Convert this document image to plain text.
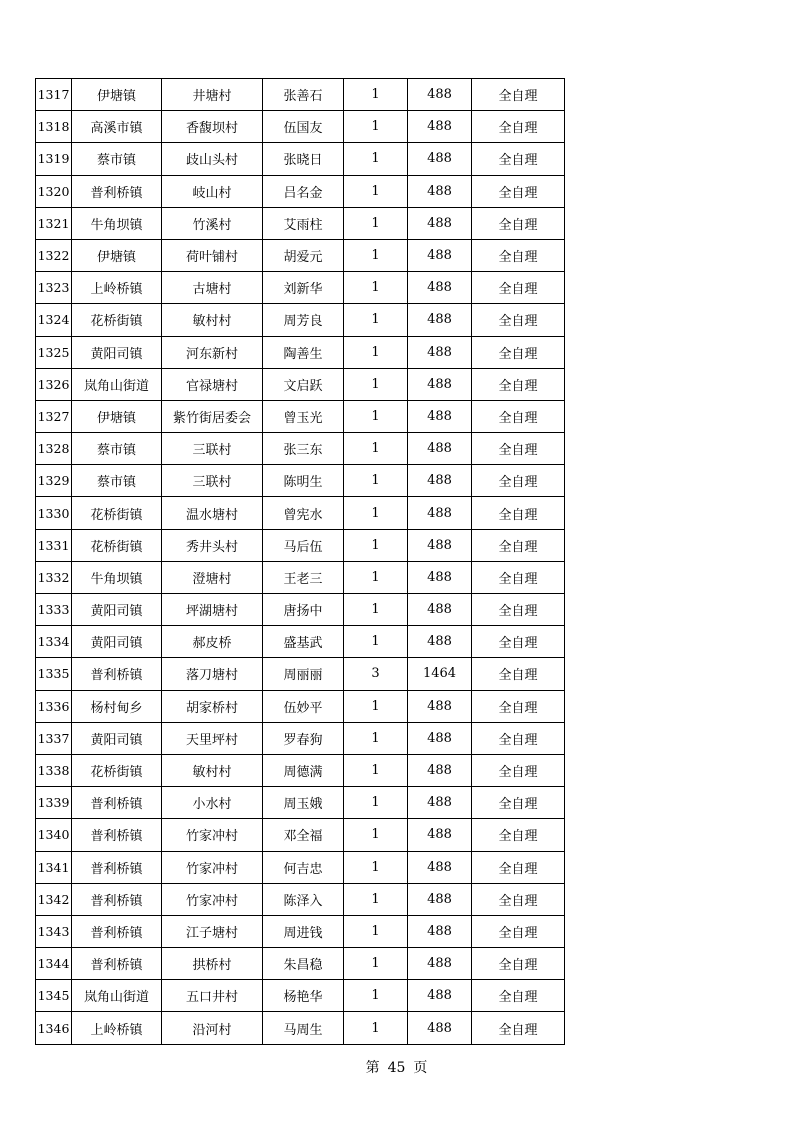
1317	伊塘镇	井塘村	张善石	1	488	全自理
1318	高溪市镇	香馥坝村	伍国友	1	488	全自理
1319	蔡市镇	歧山头村	张晓日	1	488	全自理
1320	普利桥镇	岐山村	吕名金	1	488	全自理
1321	牛角坝镇	竹溪村	艾雨柱	1	488	全自理
1322	伊塘镇	荷叶铺村	胡爱元	1	488	全自理
1323	上岭桥镇	古塘村	刘新华	1	488	全自理
1324	花桥街镇	敏村村	周芳良	1	488	全自理
1325	黄阳司镇	河东新村	陶善生	1	488	全自理
1326	岚角山街道	官禄塘村	文启跃	1	488	全自理
1327	伊塘镇	紫竹街居委会	曾玉光	1	488	全自理
1328	蔡市镇	三联村	张三东	1	488	全自理
1329	蔡市镇	三联村	陈明生	1	488	全自理
1330	花桥街镇	温水塘村	曾宪水	1	488	全自理
1331	花桥街镇	秀井头村	马后伍	1	488	全自理
1332	牛角坝镇	澄塘村	王老三	1	488	全自理
1333	黄阳司镇	坪湖塘村	唐扬中	1	488	全自理
1334	黄阳司镇	郝皮桥	盛基武	1	488	全自理
1335	普利桥镇	落刀塘村	周丽丽	3	1464	全自理
1336	杨村甸乡	胡家桥村	伍妙平	1	488	全自理
1337	黄阳司镇	天里坪村	罗春狗	1	488	全自理
1338	花桥街镇	敏村村	周德满	1	488	全自理
1339	普利桥镇	小水村	周玉娥	1	488	全自理
1340	普利桥镇	竹家冲村	邓全福	1	488	全自理
1341	普利桥镇	竹家冲村	何吉忠	1	488	全自理
1342	普利桥镇	竹家冲村	陈泽入	1	488	全自理
1343	普利桥镇	江子塘村	周进钱	1	488	全自理
1344	普利桥镇	拱桥村	朱昌稳	1	488	全自理
1345	岚角山街道	五口井村	杨艳华	1	488	全自理
1346	上岭桥镇	沿河村	马周生	1	488	全自理
第 45 页
